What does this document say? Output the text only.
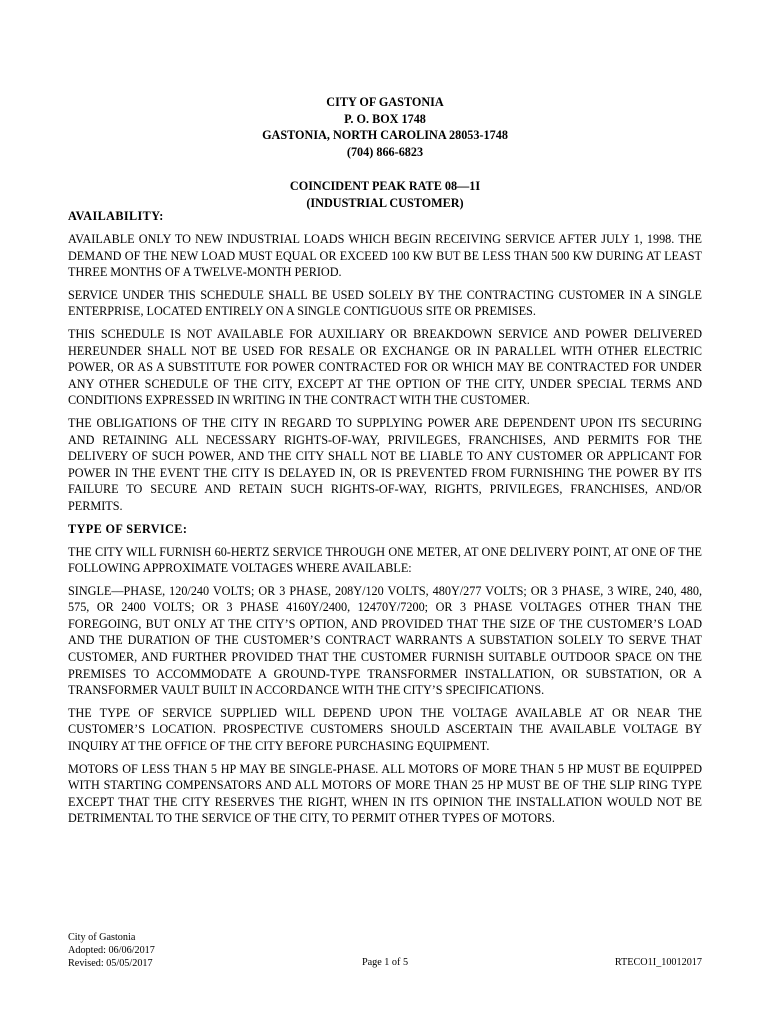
CITY OF GASTONIA
P. O. BOX 1748
GASTONIA, NORTH CAROLINA 28053-1748
(704) 866-6823
COINCIDENT PEAK RATE 08—1I
(INDUSTRIAL CUSTOMER)
AVAILABILITY:

AVAILABLE ONLY TO NEW INDUSTRIAL LOADS WHICH BEGIN RECEIVING SERVICE AFTER JULY 1, 1998. THE DEMAND OF THE NEW LOAD MUST EQUAL OR EXCEED 100 KW BUT BE LESS THAN 500 KW DURING AT LEAST THREE MONTHS OF A TWELVE-MONTH PERIOD.

SERVICE UNDER THIS SCHEDULE SHALL BE USED SOLELY BY THE CONTRACTING CUSTOMER IN A SINGLE ENTERPRISE, LOCATED ENTIRELY ON A SINGLE CONTIGUOUS SITE OR PREMISES.

THIS SCHEDULE IS NOT AVAILABLE FOR AUXILIARY OR BREAKDOWN SERVICE AND POWER DELIVERED HEREUNDER SHALL NOT BE USED FOR RESALE OR EXCHANGE OR IN PARALLEL WITH OTHER ELECTRIC POWER, OR AS A SUBSTITUTE FOR POWER CONTRACTED FOR OR WHICH MAY BE CONTRACTED FOR UNDER ANY OTHER SCHEDULE OF THE CITY, EXCEPT AT THE OPTION OF THE CITY, UNDER SPECIAL TERMS AND CONDITIONS EXPRESSED IN WRITING IN THE CONTRACT WITH THE CUSTOMER.

THE OBLIGATIONS OF THE CITY IN REGARD TO SUPPLYING POWER ARE DEPENDENT UPON ITS SECURING AND RETAINING ALL NECESSARY RIGHTS-OF-WAY, PRIVILEGES, FRANCHISES, AND PERMITS FOR THE DELIVERY OF SUCH POWER, AND THE CITY SHALL NOT BE LIABLE TO ANY CUSTOMER OR APPLICANT FOR POWER IN THE EVENT THE CITY IS DELAYED IN, OR IS PREVENTED FROM FURNISHING THE POWER BY ITS FAILURE TO SECURE AND RETAIN SUCH RIGHTS-OF-WAY, RIGHTS, PRIVILEGES, FRANCHISES, AND/OR PERMITS.

TYPE OF SERVICE:

THE CITY WILL FURNISH 60-HERTZ SERVICE THROUGH ONE METER, AT ONE DELIVERY POINT, AT ONE OF THE FOLLOWING APPROXIMATE VOLTAGES WHERE AVAILABLE:

SINGLE—PHASE, 120/240 VOLTS; OR 3 PHASE, 208Y/120 VOLTS, 480Y/277 VOLTS; OR 3 PHASE, 3 WIRE, 240, 480, 575, OR 2400 VOLTS; OR 3 PHASE 4160Y/2400, 12470Y/7200; OR 3 PHASE VOLTAGES OTHER THAN THE FOREGOING, BUT ONLY AT THE CITY’S OPTION, AND PROVIDED THAT THE SIZE OF THE CUSTOMER’S LOAD AND THE DURATION OF THE CUSTOMER’S CONTRACT WARRANTS A SUBSTATION SOLELY TO SERVE THAT CUSTOMER, AND FURTHER PROVIDED THAT THE CUSTOMER FURNISH SUITABLE OUTDOOR SPACE ON THE PREMISES TO ACCOMMODATE A GROUND-TYPE TRANSFORMER INSTALLATION, OR SUBSTATION, OR A TRANSFORMER VAULT BUILT IN ACCORDANCE WITH THE CITY’S SPECIFICATIONS.

THE TYPE OF SERVICE SUPPLIED WILL DEPEND UPON THE VOLTAGE AVAILABLE AT OR NEAR THE CUSTOMER’S LOCATION. PROSPECTIVE CUSTOMERS SHOULD ASCERTAIN THE AVAILABLE VOLTAGE BY INQUIRY AT THE OFFICE OF THE CITY BEFORE PURCHASING EQUIPMENT.

MOTORS OF LESS THAN 5 HP MAY BE SINGLE-PHASE. ALL MOTORS OF MORE THAN 5 HP MUST BE EQUIPPED WITH STARTING COMPENSATORS AND ALL MOTORS OF MORE THAN 25 HP MUST BE OF THE SLIP RING TYPE EXCEPT THAT THE CITY RESERVES THE RIGHT, WHEN IN ITS OPINION THE INSTALLATION WOULD NOT BE DETRIMENTAL TO THE SERVICE OF THE CITY, TO PERMIT OTHER TYPES OF MOTORS.

City of Gastonia
Adopted: 06/06/2017
Revised: 05/05/2017	Page 1 of 5	RTECO1I_10012017
